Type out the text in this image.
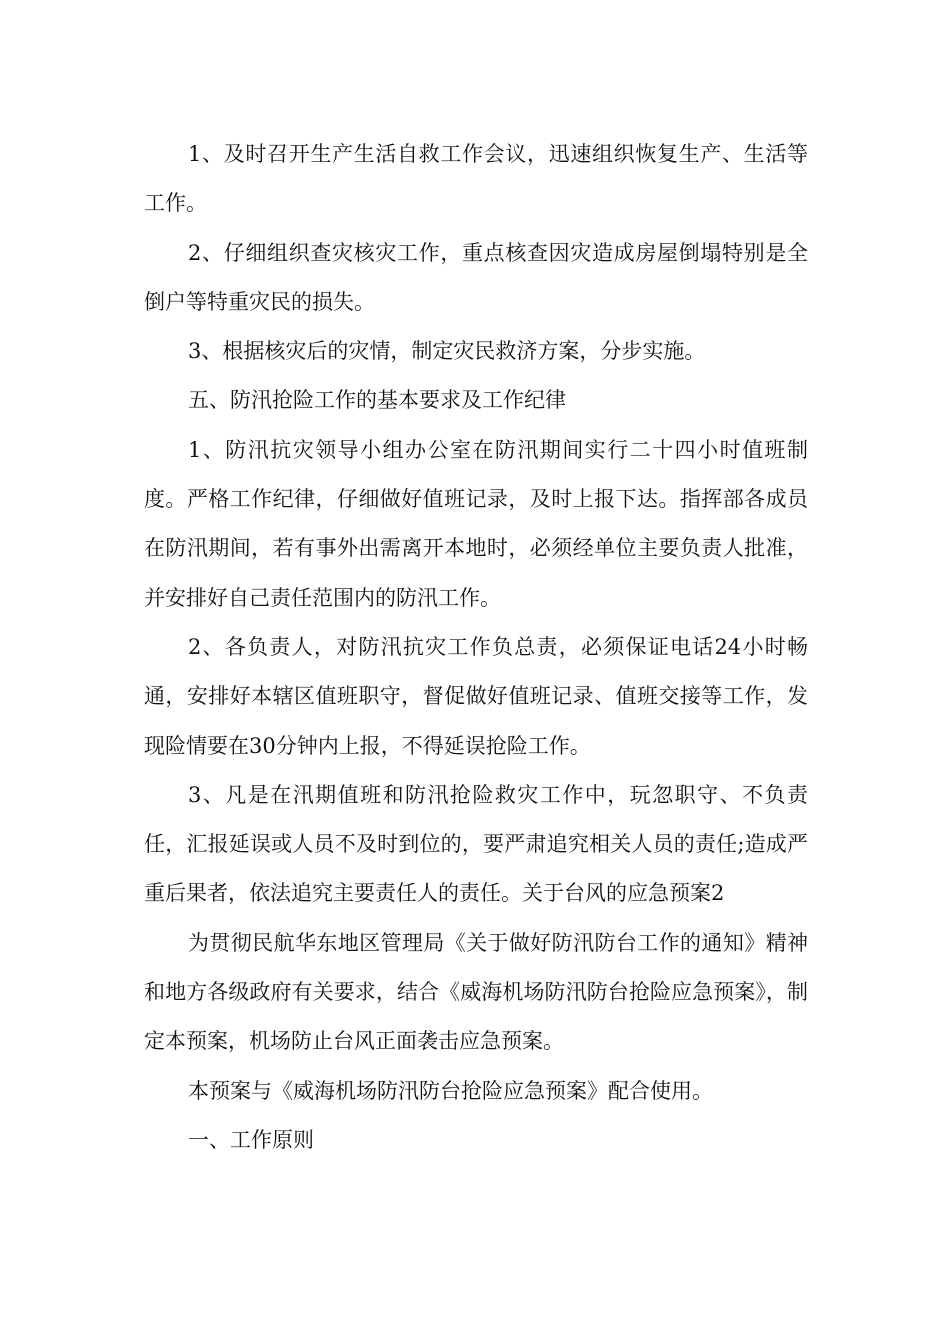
1、及时召开生产生活自救工作会议，迅速组织恢复生产、生活等工作。

2、仔细组织查灾核灾工作，重点核查因灾造成房屋倒塌特别是全倒户等特重灾民的损失。

3、根据核灾后的灾情，制定灾民救济方案，分步实施。

五、防汛抢险工作的基本要求及工作纪律

1、防汛抗灾领导小组办公室在防汛期间实行二十四小时值班制度。严格工作纪律，仔细做好值班记录，及时上报下达。指挥部各成员在防汛期间，若有事外出需离开本地时，必须经单位主要负责人批准，并安排好自己责任范围内的防汛工作。

2、各负责人，对防汛抗灾工作负总责，必须保证电话24小时畅通，安排好本辖区值班职守，督促做好值班记录、值班交接等工作，发现险情要在30分钟内上报，不得延误抢险工作。

3、凡是在汛期值班和防汛抢险救灾工作中，玩忽职守、不负责任，汇报延误或人员不及时到位的，要严肃追究相关人员的责任;造成严重后果者，依法追究主要责任人的责任。关于台风的应急预案2

为贯彻民航华东地区管理局《关于做好防汛防台工作的通知》精神和地方各级政府有关要求，结合《威海机场防汛防台抢险应急预案》，制定本预案，机场防止台风正面袭击应急预案。

本预案与《威海机场防汛防台抢险应急预案》配合使用。

一、工作原则
